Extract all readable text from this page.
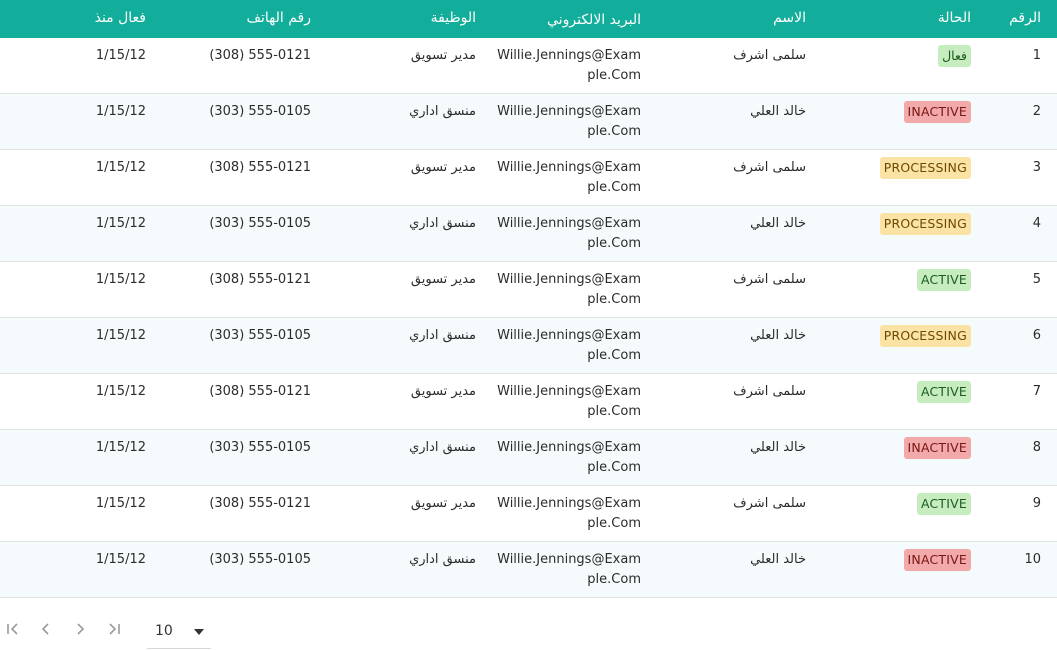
الرقم
الحالة
الاسم
البريد الالكتروني
الوظيفة
رقم الهاتف
فعال منذ
1
فعال
سلمى اشرف
Willie.Jennings@Example.Com
مدير تسويق
(308) 555-0121
1/15/12
2
INACTIVE
خالد العلي
Willie.Jennings@Example.Com
منسق اداري
(303) 555-0105
1/15/12
3
PROCESSING
سلمى اشرف
Willie.Jennings@Example.Com
مدير تسويق
(308) 555-0121
1/15/12
4
PROCESSING
خالد العلي
Willie.Jennings@Example.Com
منسق اداري
(303) 555-0105
1/15/12
5
ACTIVE
سلمى اشرف
Willie.Jennings@Example.Com
مدير تسويق
(308) 555-0121
1/15/12
6
PROCESSING
خالد العلي
Willie.Jennings@Example.Com
منسق اداري
(303) 555-0105
1/15/12
7
ACTIVE
سلمى اشرف
Willie.Jennings@Example.Com
مدير تسويق
(308) 555-0121
1/15/12
8
INACTIVE
خالد العلي
Willie.Jennings@Example.Com
منسق اداري
(303) 555-0105
1/15/12
9
ACTIVE
سلمى اشرف
Willie.Jennings@Example.Com
مدير تسويق
(308) 555-0121
1/15/12
10
INACTIVE
خالد العلي
Willie.Jennings@Example.Com
منسق اداري
(303) 555-0105
1/15/12
10
